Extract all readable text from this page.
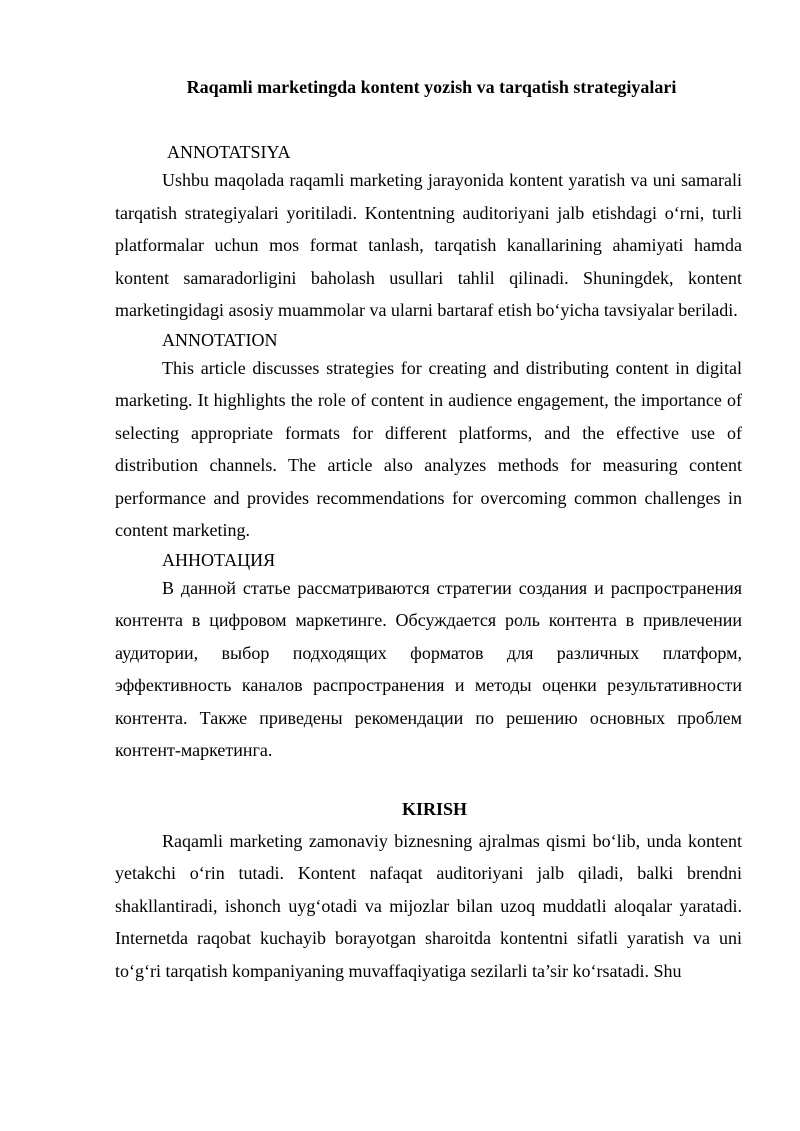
Raqamli marketingda kontent yozish va tarqatish strategiyalari

ANNOTATSIYA

Ushbu maqolada raqamli marketing jarayonida kontent yaratish va uni samarali tarqatish strategiyalari yoritiladi. Kontentning auditoriyani jalb etishdagi o‘rni, turli platformalar uchun mos format tanlash, tarqatish kanallarining ahamiyati hamda kontent samaradorligini baholash usullari tahlil qilinadi. Shuningdek, kontent marketingidagi asosiy muammolar va ularni bartaraf etish bo‘yicha tavsiyalar beriladi.

ANNOTATION

This article discusses strategies for creating and distributing content in digital marketing. It highlights the role of content in audience engagement, the importance of selecting appropriate formats for different platforms, and the effective use of distribution channels. The article also analyzes methods for measuring content performance and provides recommendations for overcoming common challenges in content marketing.

АННОТАЦИЯ

В данной статье рассматриваются стратегии создания и распространения контента в цифровом маркетинге. Обсуждается роль контента в привлечении аудитории, выбор подходящих форматов для различных платформ, эффективность каналов распространения и методы оценки результативности контента. Также приведены рекомендации по решению основных проблем контент-маркетинга.

KIRISH

Raqamli marketing zamonaviy biznesning ajralmas qismi bo‘lib, unda kontent yetakchi o‘rin tutadi. Kontent nafaqat auditoriyani jalb qiladi, balki brendni shakllantiradi, ishonch uyg‘otadi va mijozlar bilan uzoq muddatli aloqalar yaratadi. Internetda raqobat kuchayib borayotgan sharoitda kontentni sifatli yaratish va uni to‘g‘ri tarqatish kompaniyaning muvaffaqiyatiga sezilarli ta’sir ko‘rsatadi. Shu
